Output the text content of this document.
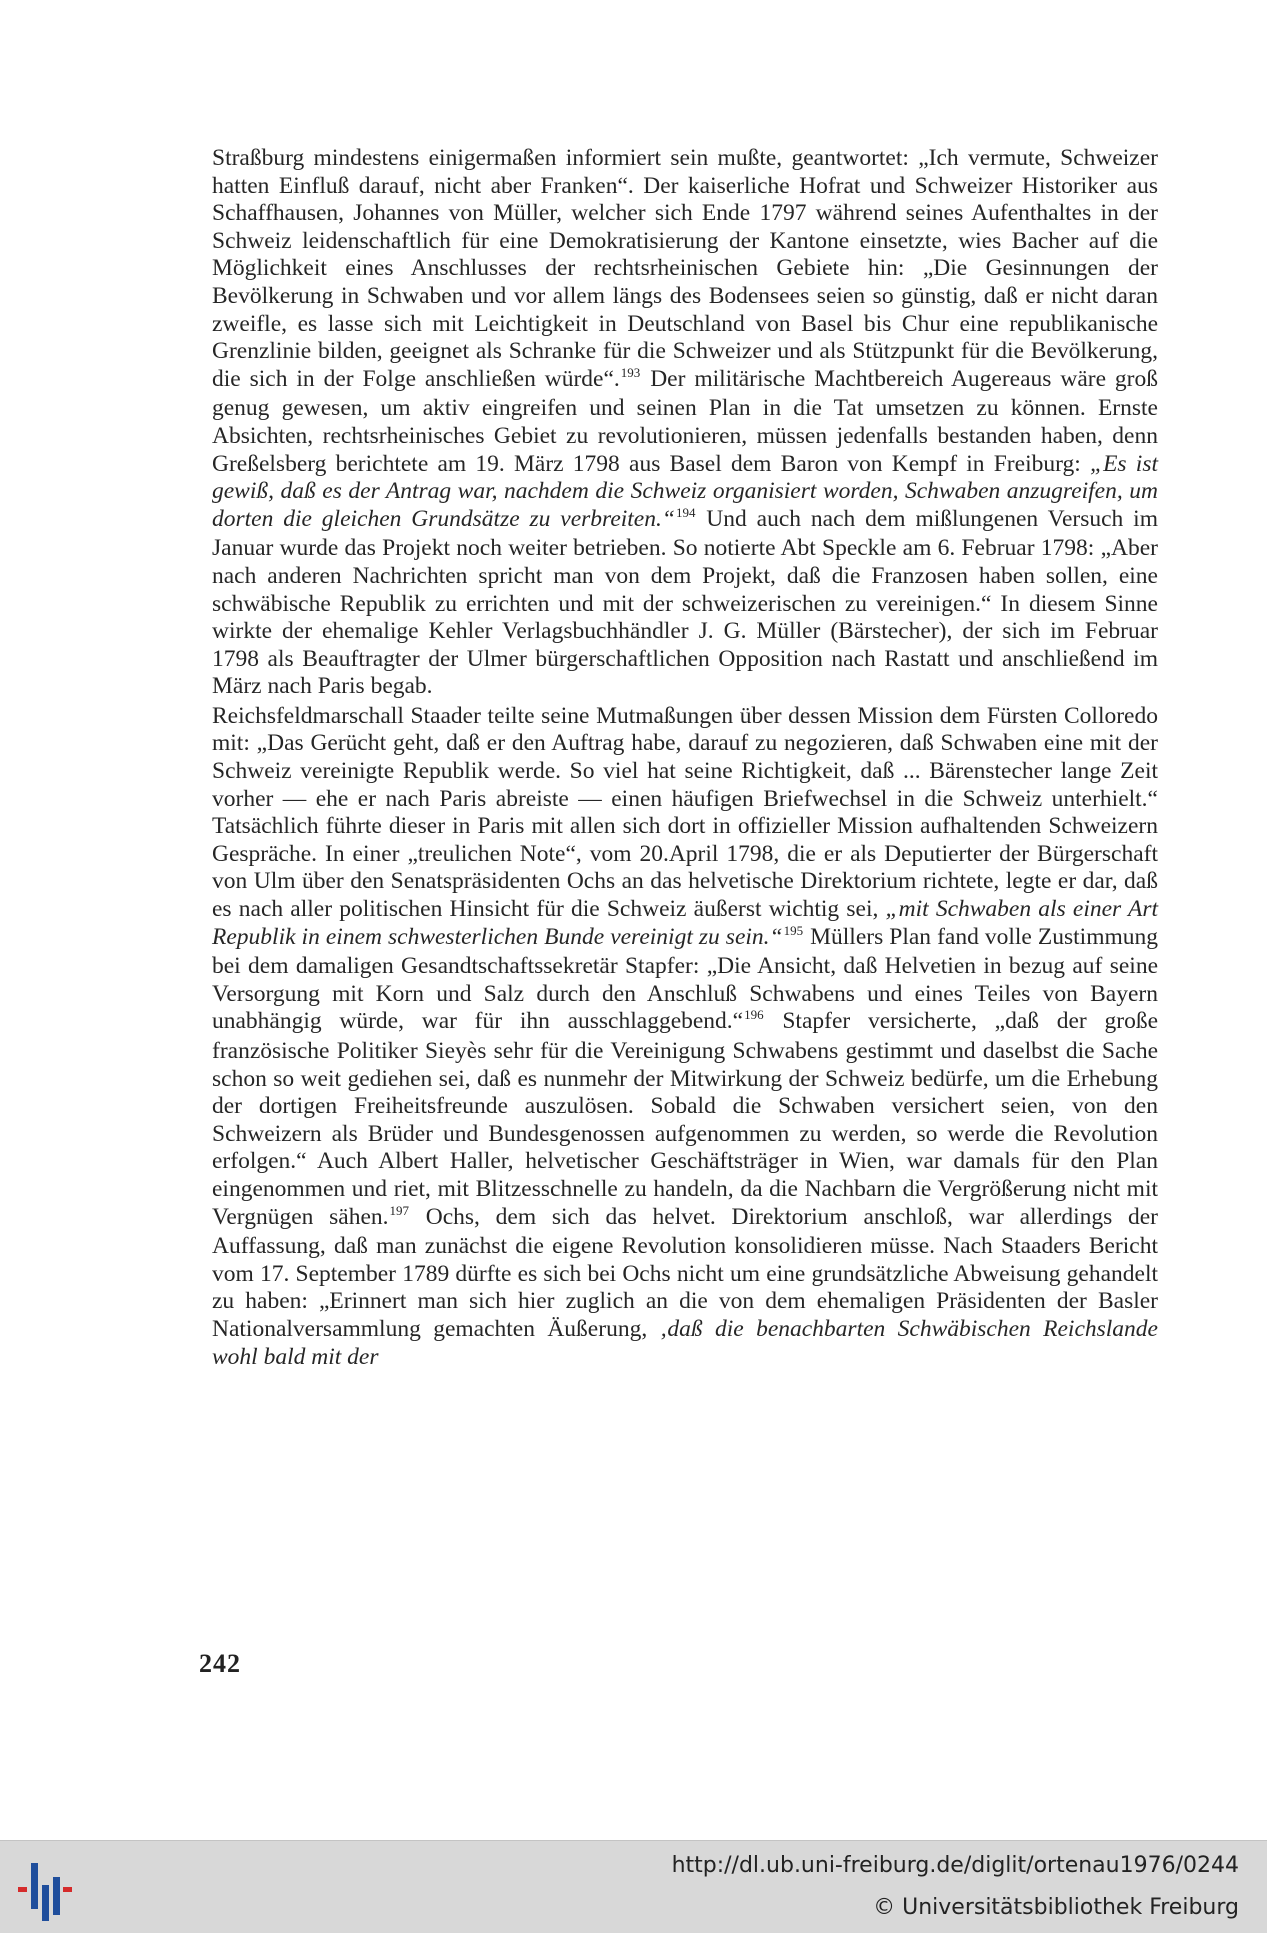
Straßburg mindestens einigermaßen informiert sein mußte, geantwortet: „Ich vermute, Schweizer hatten Einfluß darauf, nicht aber Franken“. Der kaiserliche Hofrat und Schweizer Historiker aus Schaffhausen, Johannes von Müller, welcher sich Ende 1797 während seines Aufenthaltes in der Schweiz leidenschaftlich für eine Demokratisierung der Kantone einsetzte, wies Bacher auf die Möglichkeit eines Anschlusses der rechtsrheinischen Gebiete hin: „Die Gesinnungen der Bevölkerung in Schwaben und vor allem längs des Bodensees seien so günstig, daß er nicht daran zweifle, es lasse sich mit Leichtigkeit in Deutschland von Basel bis Chur eine republikanische Grenzlinie bilden, geeignet als Schranke für die Schweizer und als Stützpunkt für die Bevölkerung, die sich in der Folge anschließen würde“.$^{193}$ Der militärische Machtbereich Augereaus wäre groß genug gewesen, um aktiv eingreifen und seinen Plan in die Tat umsetzen zu können. Ernste Absichten, rechtsrheinisches Gebiet zu revolutionieren, müssen jedenfalls bestanden haben, denn Greßelsberg berichtete am 19. März 1798 aus Basel dem Baron von Kempf in Freiburg: „Es ist gewiß, daß es der Antrag war, nachdem die Schweiz organisiert worden, Schwaben anzugreifen, um dorten die gleichen Grundsätze zu verbreiten.“$^{194}$ Und auch nach dem mißlungenen Versuch im Januar wurde das Projekt noch weiter betrieben. So notierte Abt Speckle am 6. Februar 1798: „Aber nach anderen Nachrichten spricht man von dem Projekt, daß die Franzosen haben sollen, eine schwäbische Republik zu errichten und mit der schweizerischen zu vereinigen.“ In diesem Sinne wirkte der ehemalige Kehler Verlagsbuchhändler J. G. Müller (Bärstecher), der sich im Februar 1798 als Beauftragter der Ulmer bürgerschaftlichen Opposition nach Rastatt und anschließend im März nach Paris begab.

Reichsfeldmarschall Staader teilte seine Mutmaßungen über dessen Mission dem Fürsten Colloredo mit: „Das Gerücht geht, daß er den Auftrag habe, darauf zu negozieren, daß Schwaben eine mit der Schweiz vereinigte Republik werde. So viel hat seine Richtigkeit, daß ... Bärenstecher lange Zeit vorher — ehe er nach Paris abreiste — einen häufigen Briefwechsel in die Schweiz unterhielt.“ Tatsächlich führte dieser in Paris mit allen sich dort in offizieller Mission aufhaltenden Schweizern Gespräche. In einer „treulichen Note“, vom 20.April 1798, die er als Deputierter der Bürgerschaft von Ulm über den Senatspräsidenten Ochs an das helvetische Direktorium richtete, legte er dar, daß es nach aller politischen Hinsicht für die Schweiz äußerst wichtig sei, „mit Schwaben als einer Art Republik in einem schwesterlichen Bunde vereinigt zu sein.“$^{195}$ Müllers Plan fand volle Zustimmung bei dem damaligen Gesandtschaftssekretär Stapfer: „Die Ansicht, daß Helvetien in bezug auf seine Versorgung mit Korn und Salz durch den Anschluß Schwabens und eines Teiles von Bayern unabhängig würde, war für ihn ausschlaggebend.“$^{196}$ Stapfer versicherte, „daß der große französische Politiker Sieyès sehr für die Vereinigung Schwabens gestimmt und daselbst die Sache schon so weit gediehen sei, daß es nunmehr der Mitwirkung der Schweiz bedürfe, um die Erhebung der dortigen Freiheitsfreunde auszulösen. Sobald die Schwaben versichert seien, von den Schweizern als Brüder und Bundesgenossen aufgenommen zu werden, so werde die Revolution erfolgen.“ Auch Albert Haller, helvetischer Geschäftsträger in Wien, war damals für den Plan eingenommen und riet, mit Blitzesschnelle zu handeln, da die Nachbarn die Vergrößerung nicht mit Vergnügen sähen.$^{197}$ Ochs, dem sich das helvet. Direktorium anschloß, war allerdings der Auffassung, daß man zunächst die eigene Revolution konsolidieren müsse. Nach Staaders Bericht vom 17. September 1789 dürfte es sich bei Ochs nicht um eine grundsätzliche Abweisung gehandelt zu haben: „Erinnert man sich hier zuglich an die von dem ehemaligen Präsidenten der Basler Nationalversammlung gemachten Äußerung, ‚daß die benachbarten Schwäbischen Reichslande wohl bald mit der

242
http://dl.ub.uni-freiburg.de/diglit/ortenau1976/0244
© Universitätsbibliothek Freiburg
